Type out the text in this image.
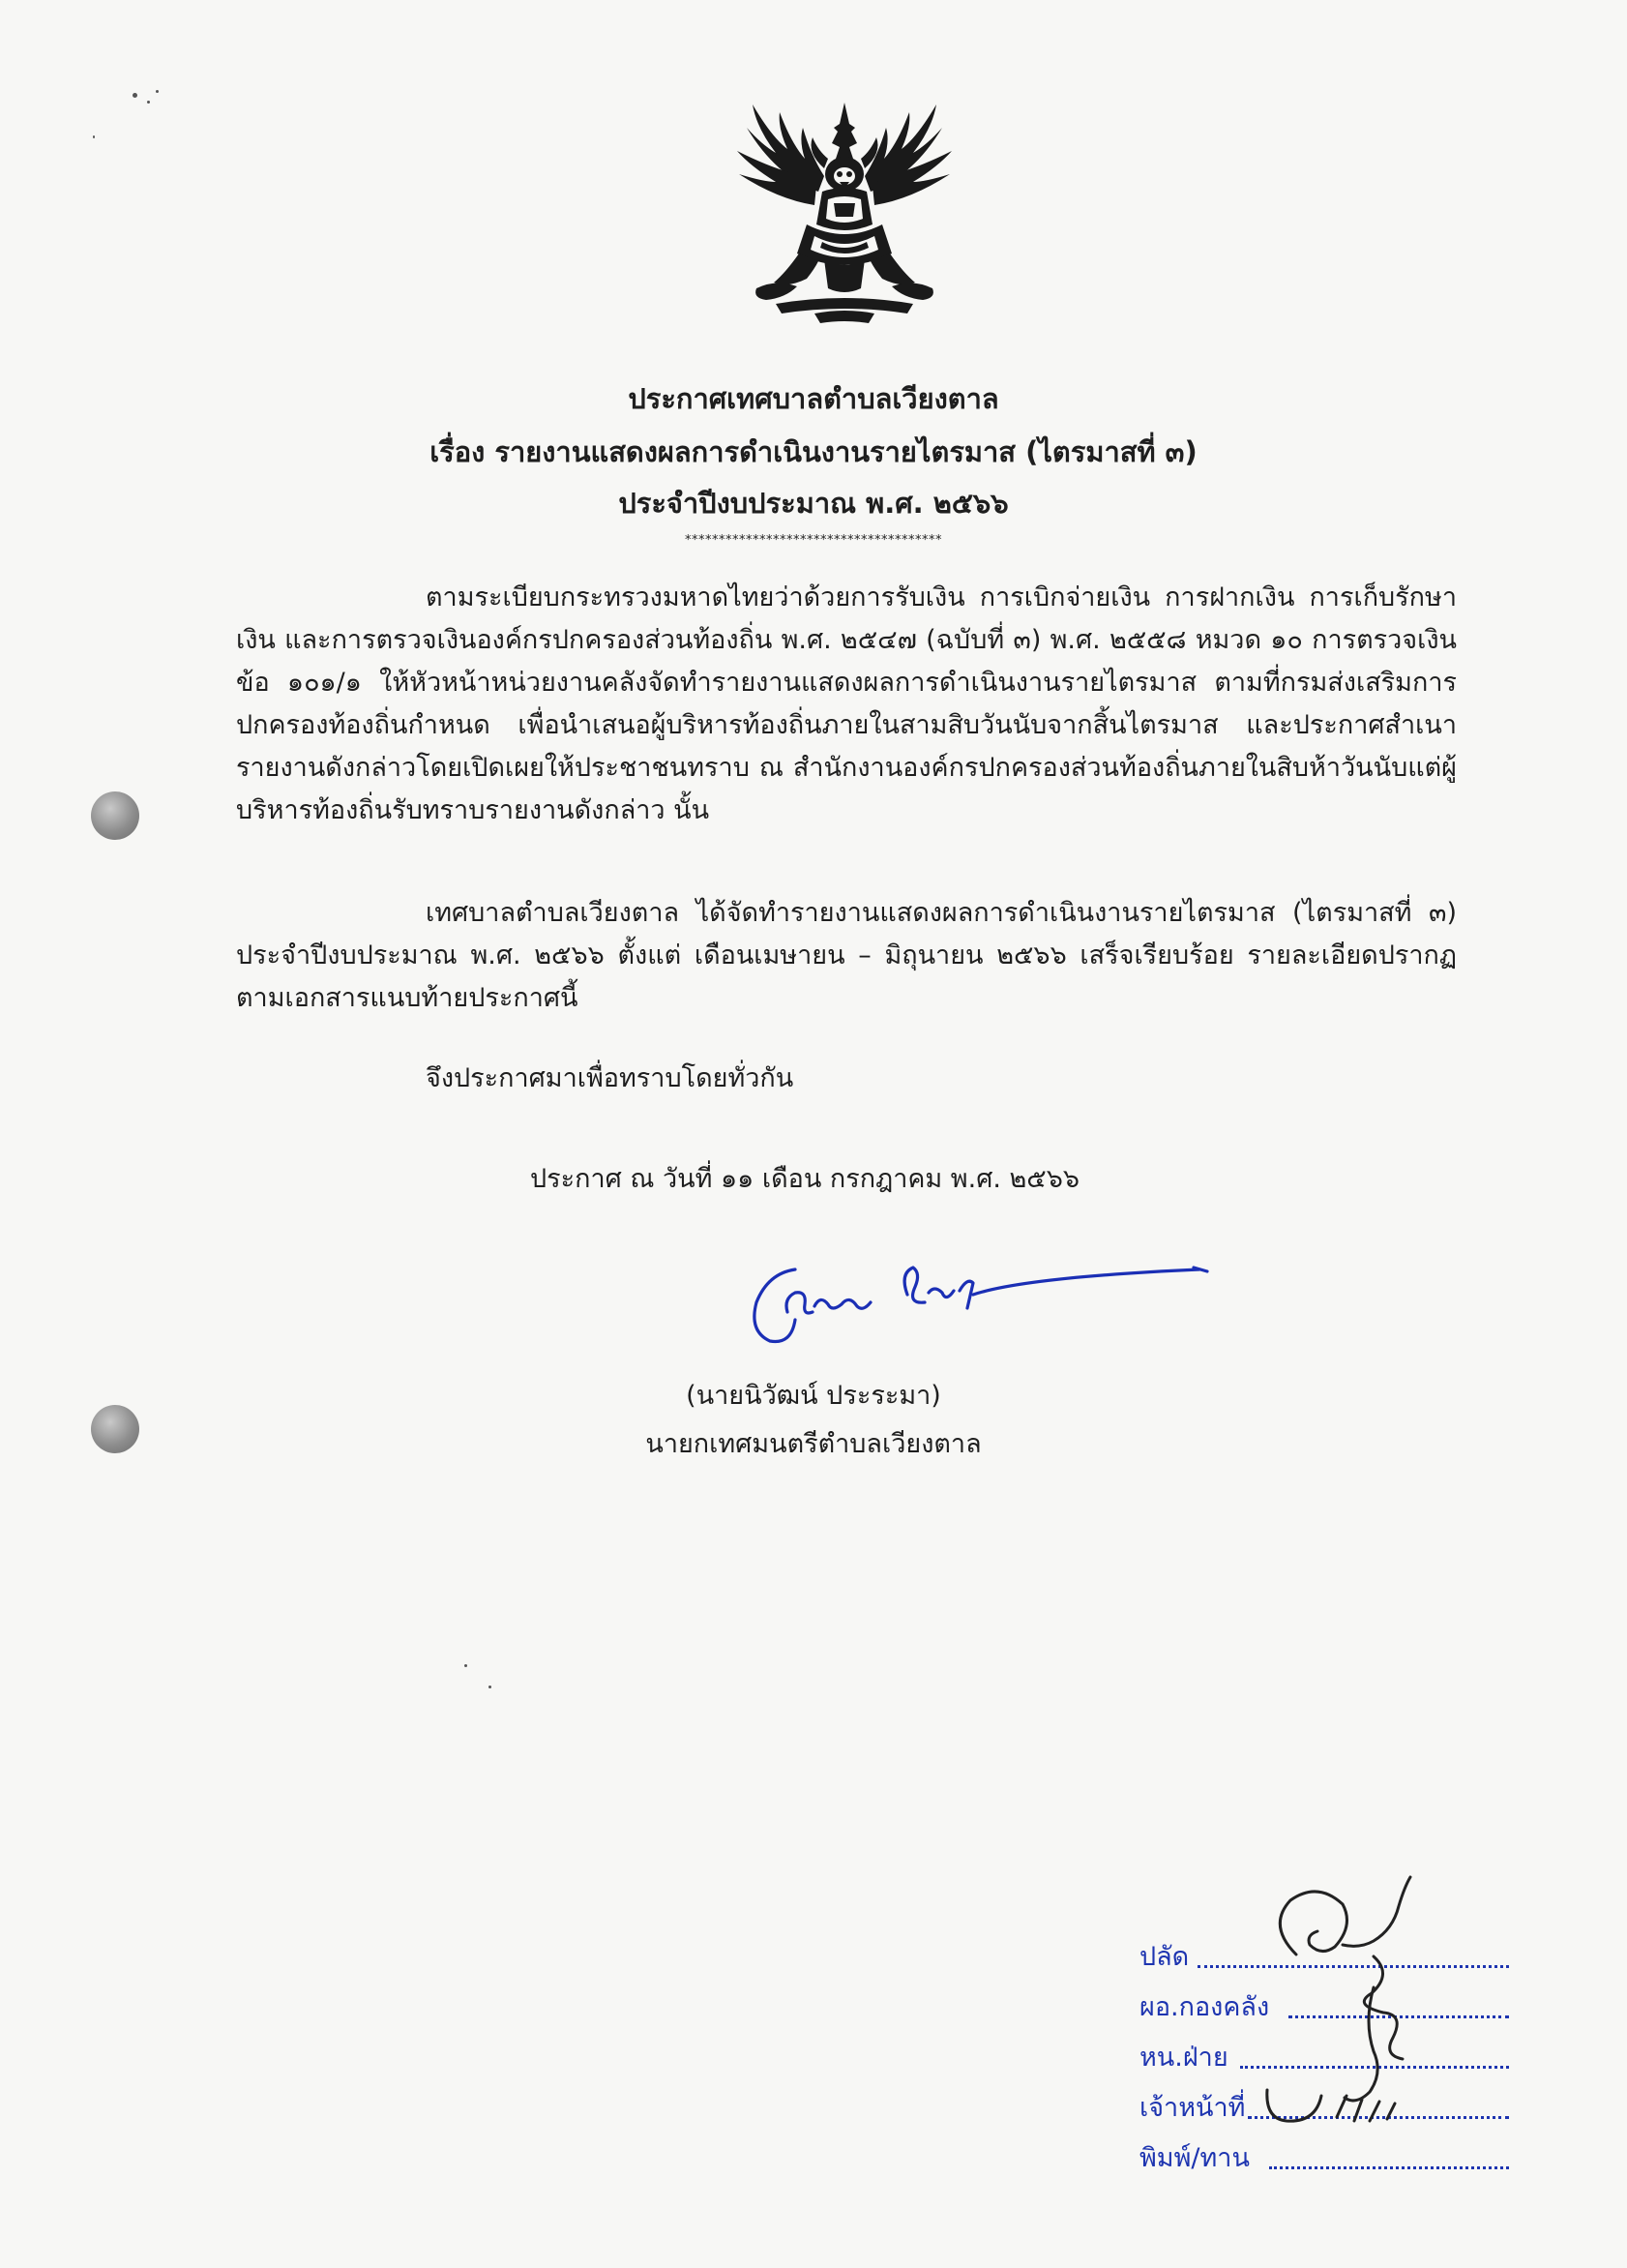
ประกาศเทศบาลตำบลเวียงตาล
เรื่อง รายงานแสดงผลการดำเนินงานรายไตรมาส (ไตรมาสที่ ๓)
ประจำปีงบประมาณ พ.ศ. ๒๕๖๖
**************************************
ตามระเบียบกระทรวงมหาดไทยว่าด้วยการรับเงิน การเบิกจ่ายเงิน การฝากเงิน การเก็บรักษาเงิน และการตรวจเงินองค์กรปกครองส่วนท้องถิ่น พ.ศ. ๒๕๔๗ (ฉบับที่ ๓) พ.ศ. ๒๕๕๘ หมวด ๑๐ การตรวจเงิน ข้อ ๑๐๑/๑ ให้หัวหน้าหน่วยงานคลังจัดทำรายงานแสดงผลการดำเนินงานรายไตรมาส ตามที่กรมส่งเสริมการปกครองท้องถิ่นกำหนด เพื่อนำเสนอผู้บริหารท้องถิ่นภายในสามสิบวันนับจากสิ้นไตรมาส และประกาศสำเนารายงานดังกล่าวโดยเปิดเผยให้ประชาชนทราบ ณ สำนักงานองค์กรปกครองส่วนท้องถิ่นภายในสิบห้าวันนับแต่ผู้บริหารท้องถิ่นรับทราบรายงานดังกล่าว นั้น
เทศบาลตำบลเวียงตาล ได้จัดทำรายงานแสดงผลการดำเนินงานรายไตรมาส (ไตรมาสที่ ๓) ประจำปีงบประมาณ พ.ศ. ๒๕๖๖ ตั้งแต่ เดือนเมษายน – มิถุนายน ๒๕๖๖ เสร็จเรียบร้อย รายละเอียดปรากฏตามเอกสารแนบท้ายประกาศนี้
จึงประกาศมาเพื่อทราบโดยทั่วกัน
ประกาศ ณ วันที่ ๑๑ เดือน กรกฎาคม พ.ศ. ๒๕๖๖
(นายนิวัฒน์ ประระมา)
นายกเทศมนตรีตำบลเวียงตาล
ปลัด
ผอ.กองคลัง
หน.ฝ่าย
เจ้าหน้าที่
พิมพ์/ทาน
